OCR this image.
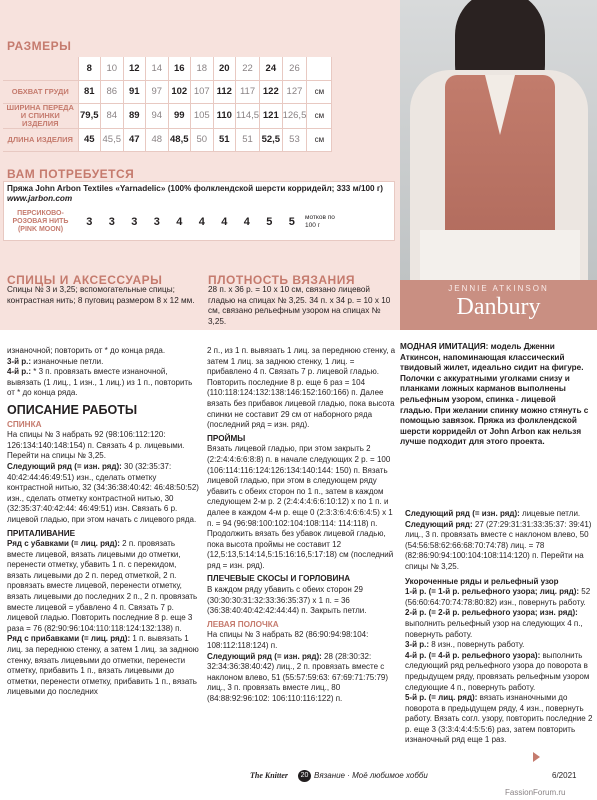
JENNIE ATKINSON
Danbury
РАЗМЕРЫ
	8	10	12	14	16	18	20	22	24	26	
ОБХВАТ ГРУДИ	81	86	91	97	102	107	112	117	122	127	см
ШИРИНА ПЕРЕДА И СПИНКИ ИЗДЕЛИЯ	79,5	84	89	94	99	105	110	114,5	121	126,5	см
ДЛИНА ИЗДЕЛИЯ	45	45,5	47	48	48,5	50	51	51	52,5	53	см
ВАМ ПОТРЕБУЕТСЯ
Пряжа John Arbon Textiles «Yarnadelic» (100% фолклендской шерсти корридейл; 333 м/100 г)
www.jarbon.com
ПЕРСИКОВО-РОЗОВАЯ НИТЬ (PINK MOON)
3	3	3	3	4	4	4	4	5	5	мотков по 100 г
СПИЦЫ И АКСЕССУАРЫ
Спицы № 3 и 3,25; вспомогательные спицы; контрастная нить; 8 пуговиц размером 8 x 12 мм.
ПЛОТНОСТЬ ВЯЗАНИЯ
28 п. x 36 р. = 10 x 10 см, связано лицевой гладью на спицах № 3,25. 34 п. x 34 р. = 10 x 10 см, связано рельефным узором на спицах № 3,25.
изнаночной; повторить от * до конца ряда.
3-й р.: изнаночные петли.
4-й р.: * 3 п. провязать вместе изнаночной, вывязать (1 лиц., 1 изн., 1 лиц.) из 1 п., повторить от * до конца ряда.
ОПИСАНИЕ РАБОТЫ
СПИНКА
На спицы № 3 набрать 92 (98:106:112:120: 126:134:140:148:154) п. Связать 4 р. лицевыми. Перейти на спицы № 3,25.
Следующий ряд (= изн. ряд): 30 (32:35:37: 40:42:44:46:49:51) изн., сделать отметку контрастной нитью, 32 (34:36:38:40:42: 46:48:50:52) изн., сделать отметку контрастной нитью, 30 (32:35:37:40:42:44: 46:49:51) изн. Связать 6 р. лицевой гладью, при этом начать с лицевого ряда.
ПРИТАЛИВАНИЕ
Ряд с убавками (= лиц. ряд): 2 п. провязать вместе лицевой, вязать лицевыми до отметки, перенести отметку, убавить 1 п. с перекидом, вязать лицевыми до 2 п. перед отметкой, 2 п. провязать вместе лицевой, перенести отметку, вязать лицевыми до последних 2 п., 2 п. провязать вместе лицевой = убавлено 4 п. Связать 7 р. лицевой гладью. Повторить последние 8 р. еще 3 раза = 76 (82:90:96:104:110:118:124:132:138) п.
Ряд с прибавками (= лиц. ряд): 1 п. вывязать 1 лиц. за переднюю стенку, а затем 1 лиц. за заднюю стенку, вязать лицевыми до отметки, перенести отметку, прибавить 1 п., вязать лицевыми до отметки, перенести отметку, прибавить 1 п., вязать лицевыми до последних
2 п., из 1 п. вывязать 1 лиц. за переднюю стенку, а затем 1 лиц. за заднюю стенку, 1 лиц. = прибавлено 4 п. Связать 7 р. лицевой гладью. Повторить последние 8 р. еще 6 раз = 104 (110:118:124:132:138:146:152:160:166) п. Далее вязать без прибавок лицевой гладью, пока высота спинки не составит 29 см от наборного ряда (последний ряд = изн. ряд).
ПРОЙМЫ
Вязать лицевой гладью, при этом закрыть 2 (2:2:4:4:6:6:8:8) п. в начале следующих 2 р. = 100 (106:114:116:124:126:134:140:144: 150) п. Вязать лицевой гладью, при этом в следующем ряду убавить с обеих сторон по 1 п., затем в каждом следующем 2-м р. 2 (2:4:4:4:6:6:10:12) x по 1 п. и далее в каждом 4-м р. еще 0 (2:3:3:6:4:6:6:4:5) x 1 п. = 94 (96:98:100:102:104:108:114: 114:118) п. Продолжить вязать без убавок лицевой гладью, пока высота проймы не составит 12 (12,5:13,5:14:14,5:15:16:16,5:17:18) см (последний ряд = изн. ряд).
ПЛЕЧЕВЫЕ СКОСЫ И ГОРЛОВИНА
В каждом ряду убавить с обеих сторон 29 (30:30:30:31:32:33:36:35:37) x 1 п. = 36 (36:38:40:40:42:42:44:44) п. Закрыть петли.
ЛЕВАЯ ПОЛОЧКА
На спицы № 3 набрать 82 (86:90:94:98:104: 108:112:118:124) п.
Следующий ряд (= изн. ряд): 28 (28:30:32: 32:34:36:38:40:42) лиц., 2 п. провязать вместе с наклоном влево, 51 (55:57:59:63: 67:69:71:75:79) лиц., 3 п. провязать вместе лиц., 80 (84:88:92:96:102: 106:110:116:122) п.
МОДНАЯ ИМИТАЦИЯ: модель Дженни Аткинсон, напоминающая классический твидовый жилет, идеально сидит на фигуре. Полочки с аккуратными уголками снизу и планками ложных карманов выполнены рельефным узором, спинка - лицевой гладью. При желании спинку можно стянуть с помощью завязок. Пряжа из фолклендской шерсти корридейл от John Arbon как нельзя лучше подходит для этого проекта.
Следующий ряд (= изн. ряд): лицевые петли.
Следующий ряд: 27 (27:29:31:31:33:35:37: 39:41) лиц., 3 п. провязать вместе с наклоном влево, 50 (54:56:58:62:66:68:70:74:78) лиц. = 78 (82:86:90:94:100:104:108:114:120) п. Перейти на спицы № 3,25.
Укороченные ряды и рельефный узор
1-й р. (= 1-й р. рельефного узора; лиц. ряд): 52 (56:60:64:70:74:78:80:82) изн., повернуть работу.
2-й р. (= 2-й р. рельефного узора; изн. ряд): выполнить рельефный узор на следующих 4 п., повернуть работу.
3-й р.: 8 изн., повернуть работу.
4-й р. (= 4-й р. рельефного узора): выполнить следующий ряд рельефного узора до поворота в предыдущем ряду, провязать рельефным узором следующие 4 п., повернуть работу.
5-й р. (= лиц. ряд): вязать изнаночными до поворота в предыдущем ряду, 4 изн., повернуть работу. Вязать согл. узору, повторить последние 2 р. еще 3 (3:3:4:4:4:5:5:6) раз, затем повторить изнаночный ряд еще 1 раз.
The Knitter	20 Вязание · Моё любимое хобби	6/2021
FassionForum.ru
